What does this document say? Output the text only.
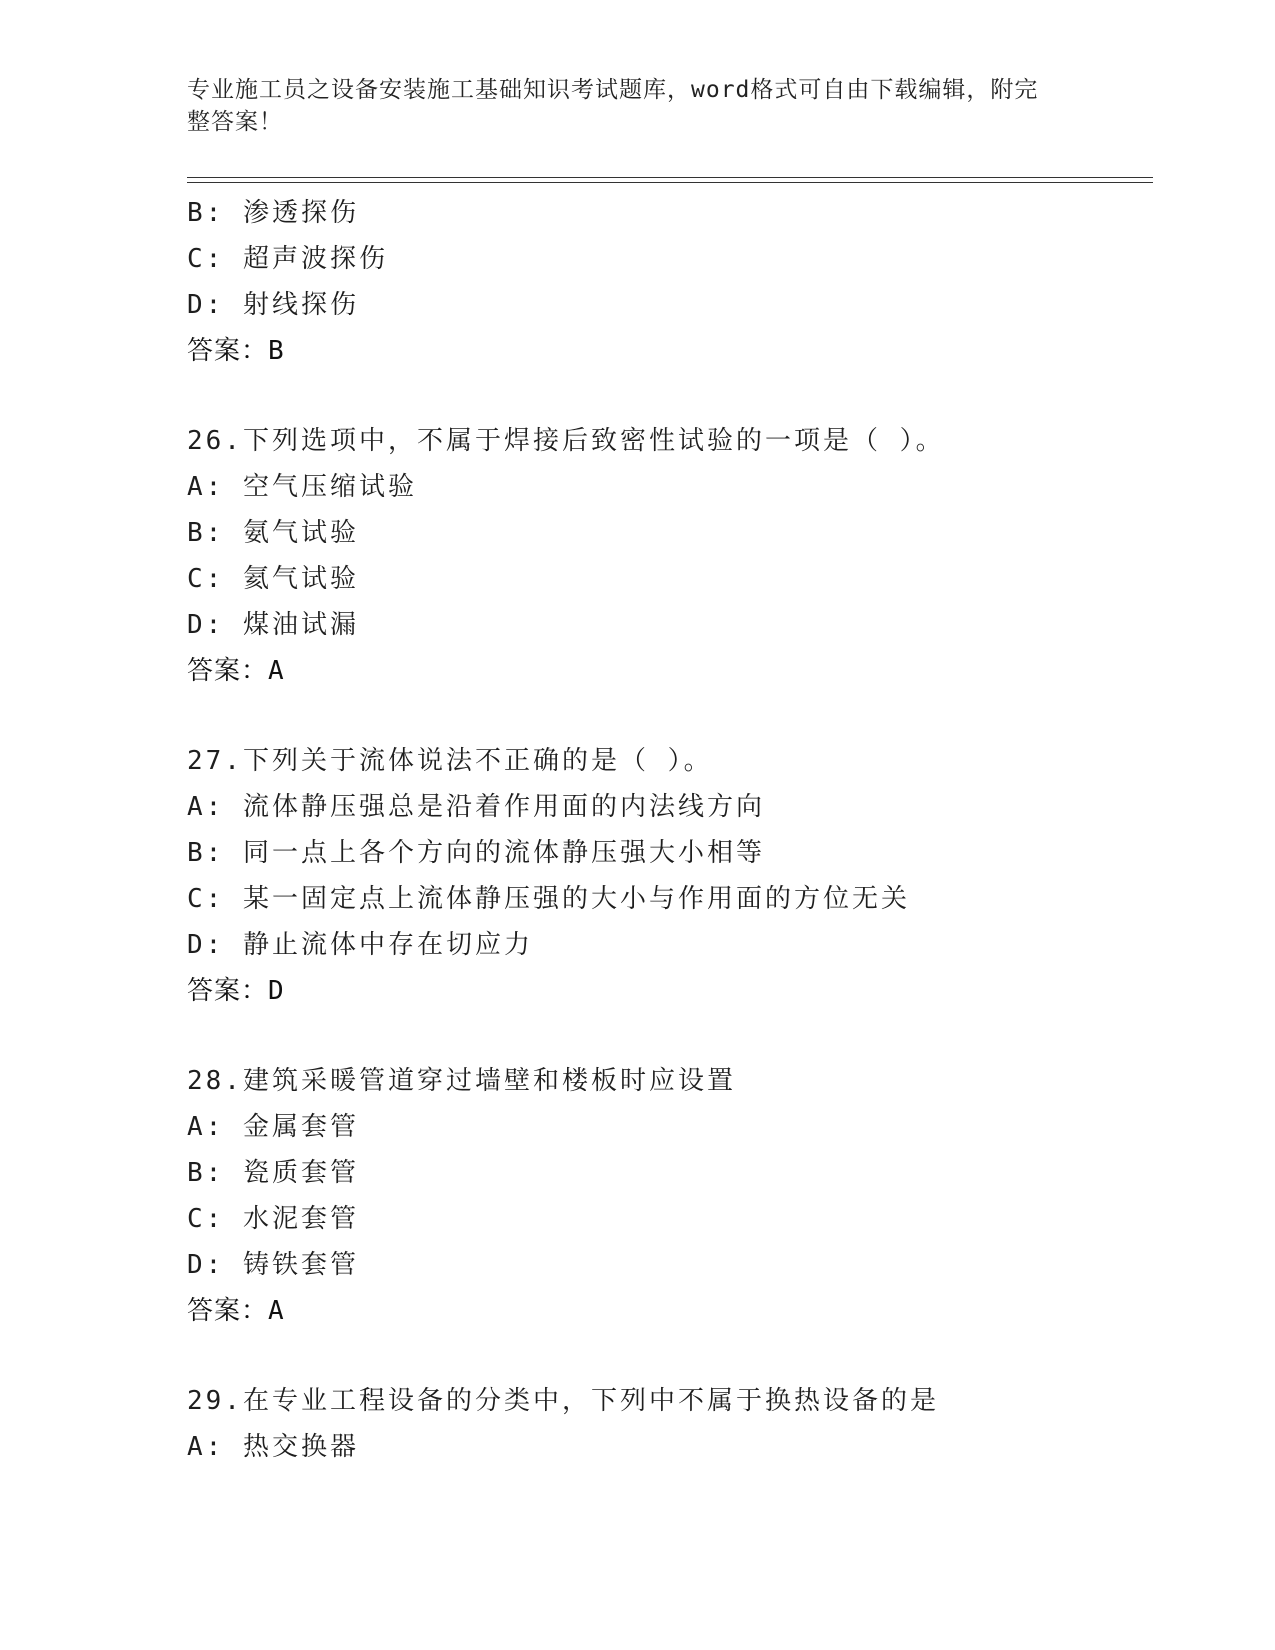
专业施工员之设备安装施工基础知识考试题库，word格式可自由下载编辑，附完
整答案！
B: 渗透探伤
C: 超声波探伤
D: 射线探伤
答案：B
26.下列选项中，不属于焊接后致密性试验的一项是（ ）。
A: 空气压缩试验
B: 氨气试验
C: 氦气试验
D: 煤油试漏
答案：A
27.下列关于流体说法不正确的是（ ）。
A: 流体静压强总是沿着作用面的内法线方向
B: 同一点上各个方向的流体静压强大小相等
C: 某一固定点上流体静压强的大小与作用面的方位无关
D: 静止流体中存在切应力
答案：D
28.建筑采暖管道穿过墙壁和楼板时应设置
A: 金属套管
B: 瓷质套管
C: 水泥套管
D: 铸铁套管
答案：A
29.在专业工程设备的分类中，下列中不属于换热设备的是
A: 热交换器
